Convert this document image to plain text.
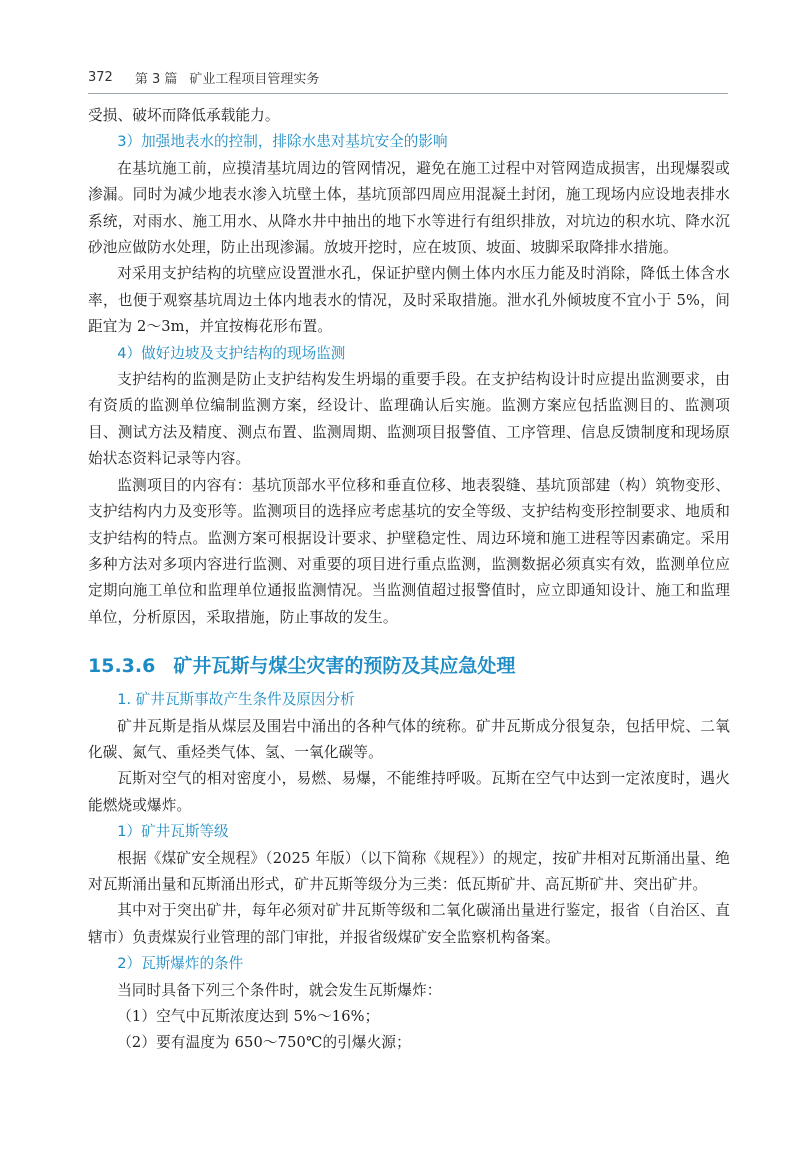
372 第 3 篇 矿业工程项目管理实务

受损、破坏而降低承载能力。

3）加强地表水的控制，排除水患对基坑安全的影响

在基坑施工前，应摸清基坑周边的管网情况，避免在施工过程中对管网造成损害，出现爆裂或渗漏。同时为减少地表水渗入坑壁土体，基坑顶部四周应用混凝土封闭，施工现场内应设地表排水系统，对雨水、施工用水、从降水井中抽出的地下水等进行有组织排放，对坑边的积水坑、降水沉砂池应做防水处理，防止出现渗漏。放坡开挖时，应在坡顶、坡面、坡脚采取降排水措施。

对采用支护结构的坑壁应设置泄水孔，保证护壁内侧土体内水压力能及时消除，降低土体含水率，也便于观察基坑周边土体内地表水的情况，及时采取措施。泄水孔外倾坡度不宜小于 5%，间距宜为 2～3m，并宜按梅花形布置。

4）做好边坡及支护结构的现场监测

支护结构的监测是防止支护结构发生坍塌的重要手段。在支护结构设计时应提出监测要求，由有资质的监测单位编制监测方案，经设计、监理确认后实施。监测方案应包括监测目的、监测项目、测试方法及精度、测点布置、监测周期、监测项目报警值、工序管理、信息反馈制度和现场原始状态资料记录等内容。

监测项目的内容有：基坑顶部水平位移和垂直位移、地表裂缝、基坑顶部建（构）筑物变形、支护结构内力及变形等。监测项目的选择应考虑基坑的安全等级、支护结构变形控制要求、地质和支护结构的特点。监测方案可根据设计要求、护壁稳定性、周边环境和施工进程等因素确定。采用多种方法对多项内容进行监测、对重要的项目进行重点监测，监测数据必须真实有效，监测单位应定期向施工单位和监理单位通报监测情况。当监测值超过报警值时，应立即通知设计、施工和监理单位，分析原因，采取措施，防止事故的发生。

15.3.6 矿井瓦斯与煤尘灾害的预防及其应急处理

1. 矿井瓦斯事故产生条件及原因分析

矿井瓦斯是指从煤层及围岩中涌出的各种气体的统称。矿井瓦斯成分很复杂，包括甲烷、二氧化碳、氮气、重烃类气体、氢、一氧化碳等。

瓦斯对空气的相对密度小，易燃、易爆，不能维持呼吸。瓦斯在空气中达到一定浓度时，遇火能燃烧或爆炸。

1）矿井瓦斯等级

根据《煤矿安全规程》（2025 年版）（以下简称《规程》）的规定，按矿井相对瓦斯涌出量、绝对瓦斯涌出量和瓦斯涌出形式，矿井瓦斯等级分为三类：低瓦斯矿井、高瓦斯矿井、突出矿井。

其中对于突出矿井，每年必须对矿井瓦斯等级和二氧化碳涌出量进行鉴定，报省（自治区、直辖市）负责煤炭行业管理的部门审批，并报省级煤矿安全监察机构备案。

2）瓦斯爆炸的条件

当同时具备下列三个条件时，就会发生瓦斯爆炸：

（1）空气中瓦斯浓度达到 5%～16%；

（2）要有温度为 650～750℃的引爆火源；
